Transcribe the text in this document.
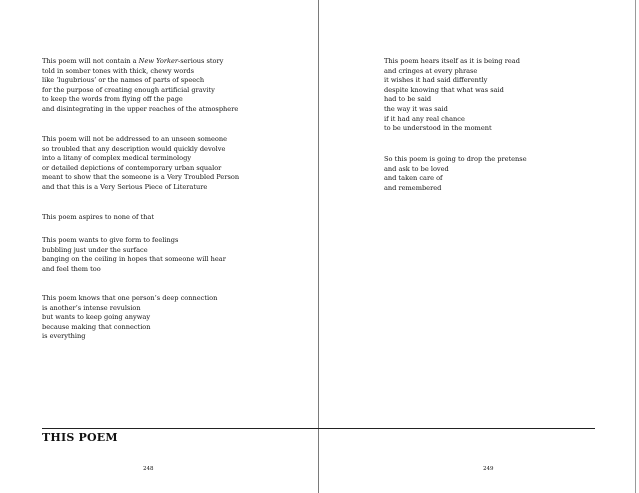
This poem will not contain a New Yorker-serious story
told in somber tones with thick, chewy words
like ‘lugubrious’ or the names of parts of speech
for the purpose of creating enough artificial gravity
to keep the words from flying off the page
and disintegrating in the upper reaches of the atmosphere
This poem will not be addressed to an unseen someone
so troubled that any description would quickly devolve
into a litany of complex medical terminology
or detailed depictions of contemporary urban squalor
meant to show that the someone is a Very Troubled Person
and that this is a Very Serious Piece of Literature
This poem aspires to none of that
This poem wants to give form to feelings
bubbling just under the surface
banging on the ceiling in hopes that someone will hear
and feel them too
This poem knows that one person’s deep connection
is another’s intense revulsion
but wants to keep going anyway
because making that connection
is everything
This poem hears itself as it is being read
and cringes at every phrase
it wishes it had said differently
despite knowing that what was said
had to be said
the way it was said
if it had any real chance
to be understood in the moment
So this poem is going to drop the pretense
and ask to be loved
and taken care of
and remembered
THIS POEM
248	249
